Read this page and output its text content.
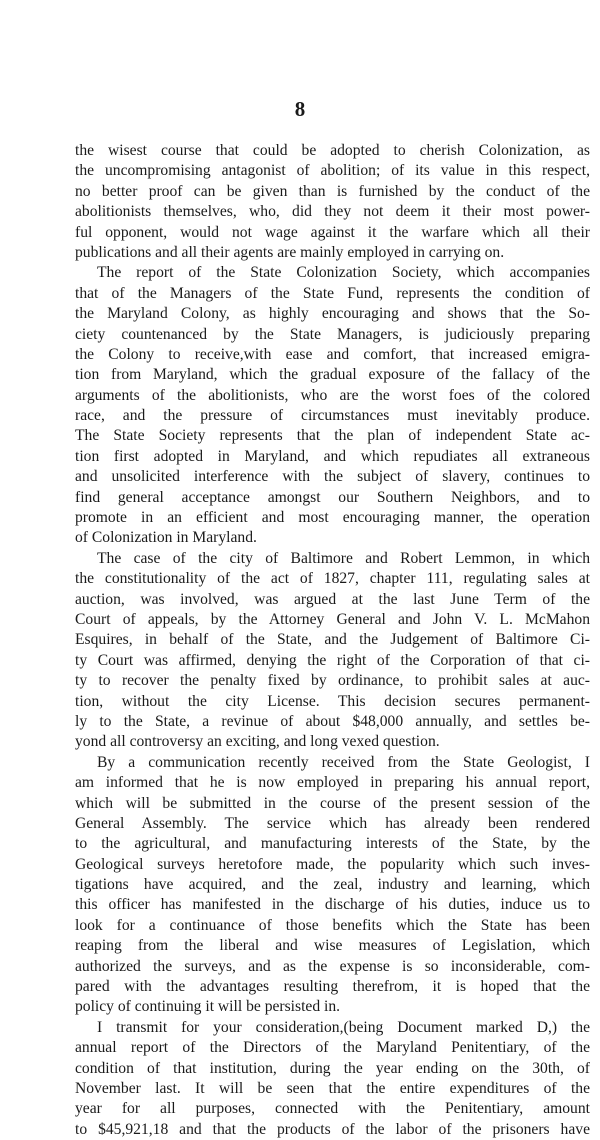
8
the wisest course that could be adopted to cherish Colonization, as
the uncompromising antagonist of abolition; of its value in this respect,
no better proof can be given than is furnished by the conduct of the
abolitionists themselves, who, did they not deem it their most power-
ful opponent, would not wage against it the warfare which all their
publications and all their agents are mainly employed in carrying on.
The report of the State Colonization Society, which accompanies
that of the Managers of the State Fund, represents the condition of
the Maryland Colony, as highly encouraging and shows that the So-
ciety countenanced by the State Managers, is judiciously preparing
the Colony to receive,with ease and comfort, that increased emigra-
tion from Maryland, which the gradual exposure of the fallacy of the
arguments of the abolitionists, who are the worst foes of the colored
race, and the pressure of circumstances must inevitably produce.
The State Society represents that the plan of independent State ac-
tion first adopted in Maryland, and which repudiates all extraneous
and unsolicited interference with the subject of slavery, continues to
find general acceptance amongst our Southern Neighbors, and to
promote in an efficient and most encouraging manner, the operation
of Colonization in Maryland.
The case of the city of Baltimore and Robert Lemmon, in which
the constitutionality of the act of 1827, chapter 111, regulating sales at
auction, was involved, was argued at the last June Term of the
Court of appeals, by the Attorney General and John V. L. McMahon
Esquires, in behalf of the State, and the Judgement of Baltimore Ci-
ty Court was affirmed, denying the right of the Corporation of that ci-
ty to recover the penalty fixed by ordinance, to prohibit sales at auc-
tion, without the city License. This decision secures permanent-
ly to the State, a revinue of about $48,000 annually, and settles be-
yond all controversy an exciting, and long vexed question.
By a communication recently received from the State Geologist, I
am informed that he is now employed in preparing his annual report,
which will be submitted in the course of the present session of the
General Assembly. The service which has already been rendered
to the agricultural, and manufacturing interests of the State, by the
Geological surveys heretofore made, the popularity which such inves-
tigations have acquired, and the zeal, industry and learning, which
this officer has manifested in the discharge of his duties, induce us to
look for a continuance of those benefits which the State has been
reaping from the liberal and wise measures of Legislation, which
authorized the surveys, and as the expense is so inconsiderable, com-
pared with the advantages resulting therefrom, it is hoped that the
policy of continuing it will be persisted in.
I transmit for your consideration,(being Document marked D,) the
annual report of the Directors of the Maryland Penitentiary, of the
condition of that institution, during the year ending on the 30th, of
November last. It will be seen that the entire expenditures of the
year for all purposes, connected with the Penitentiary, amount
to $45,921,18 and that the products of the labor of the prisoners have
